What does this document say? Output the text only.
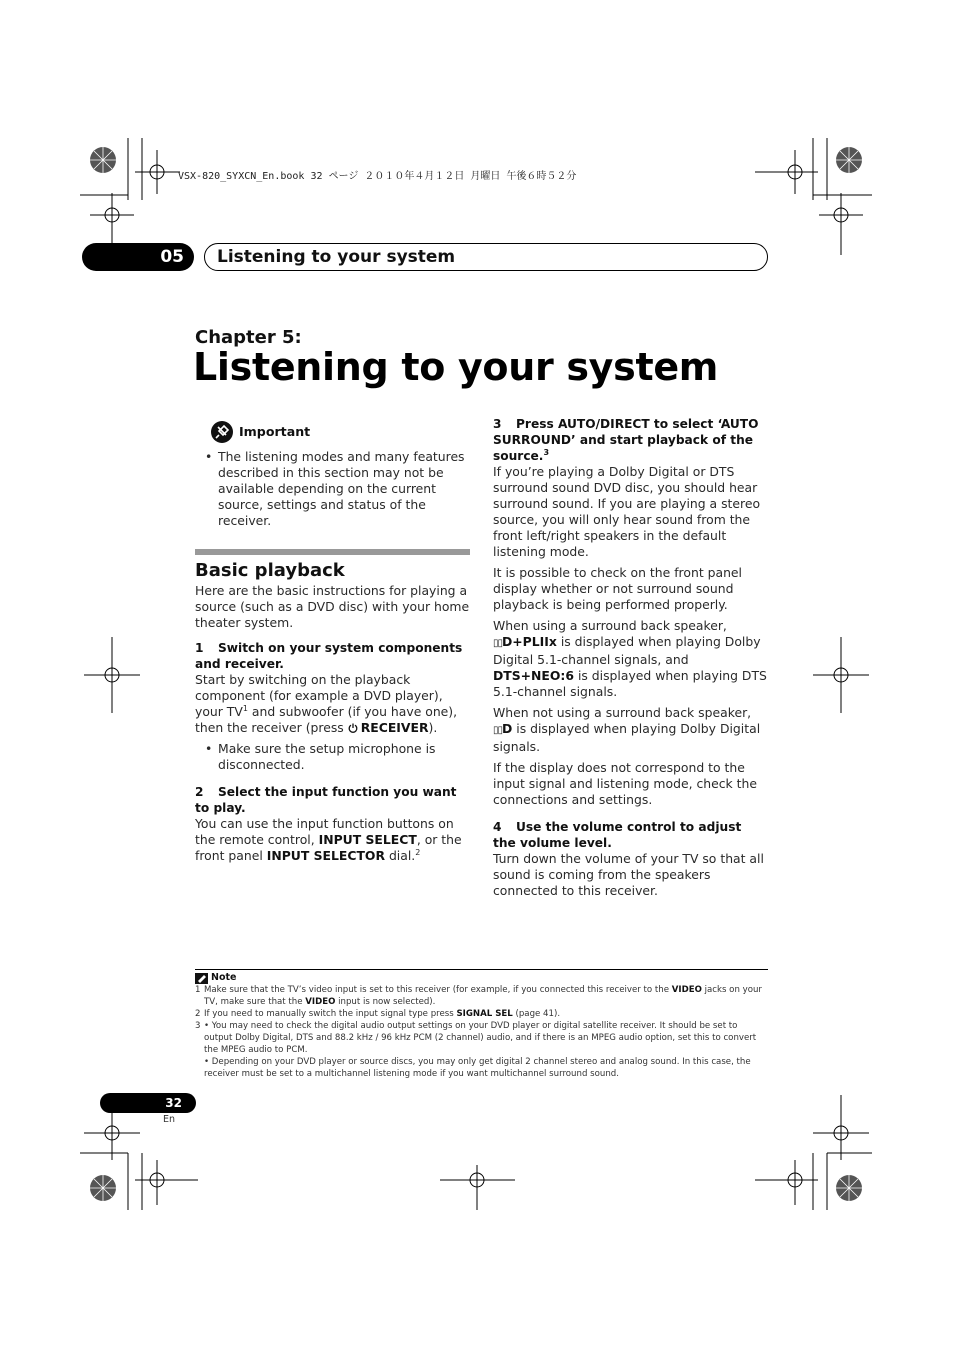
VSX-820_SYXCN_En.book 32 ページ ２０１０年４月１２日 月曜日 午後６時５２分
05	Listening to your system
Chapter 5:
Listening to your system
Important
• The listening modes and many features described in this section may not be available depending on the current source, settings and status of the receiver.
Basic playback

Here are the basic instructions for playing a source (such as a DVD disc) with your home theater system.

1 Switch on your system components and receiver.

Start by switching on the playback component (for example a DVD player), your $TV^1$ and subwoofer (if you have one), then the receiver (press RECEIVER).

• Make sure the setup microphone is disconnected.
2 Select the input function you want to play.

You can use the input function buttons on the remote control, INPUT SELECT, or the front panel INPUT SELECTOR dial.$^2$

3 Press AUTO/DIRECT to select ‘AUTO SURROUND’ and start playback of the source.$^3$

If you’re playing a Dolby Digital or DTS surround sound DVD disc, you should hear surround sound. If you are playing a stereo source, you will only hear sound from the front left/right speakers in the default listening mode.

It is possible to check on the front panel display whether or not surround sound playback is being performed properly.

When using a surround back speaker, ▯▯D+PLIIx is displayed when playing Dolby Digital 5.1-channel signals, and DTS+NEO:6 is displayed when playing DTS 5.1-channel signals.

When not using a surround back speaker, ▯▯D is displayed when playing Dolby Digital signals.

If the display does not correspond to the input signal and listening mode, check the connections and settings.

4 Use the volume control to adjust the volume level.

Turn down the volume of your TV so that all sound is coming from the speakers connected to this receiver.

Note
1 Make sure that the TV’s video input is set to this receiver (for example, if you connected this receiver to the VIDEO jacks on your TV, make sure that the VIDEO input is now selected).
2 If you need to manually switch the input signal type press SIGNAL SEL (page 41).
3 • You may need to check the digital audio output settings on your DVD player or digital satellite receiver. It should be set to output Dolby Digital, DTS and 88.2 kHz / 96 kHz PCM (2 channel) audio, and if there is an MPEG audio option, set this to convert the MPEG audio to PCM.
• Depending on your DVD player or source discs, you may only get digital 2 channel stereo and analog sound. In this case, the receiver must be set to a multichannel listening mode if you want multichannel surround sound.
32
En
